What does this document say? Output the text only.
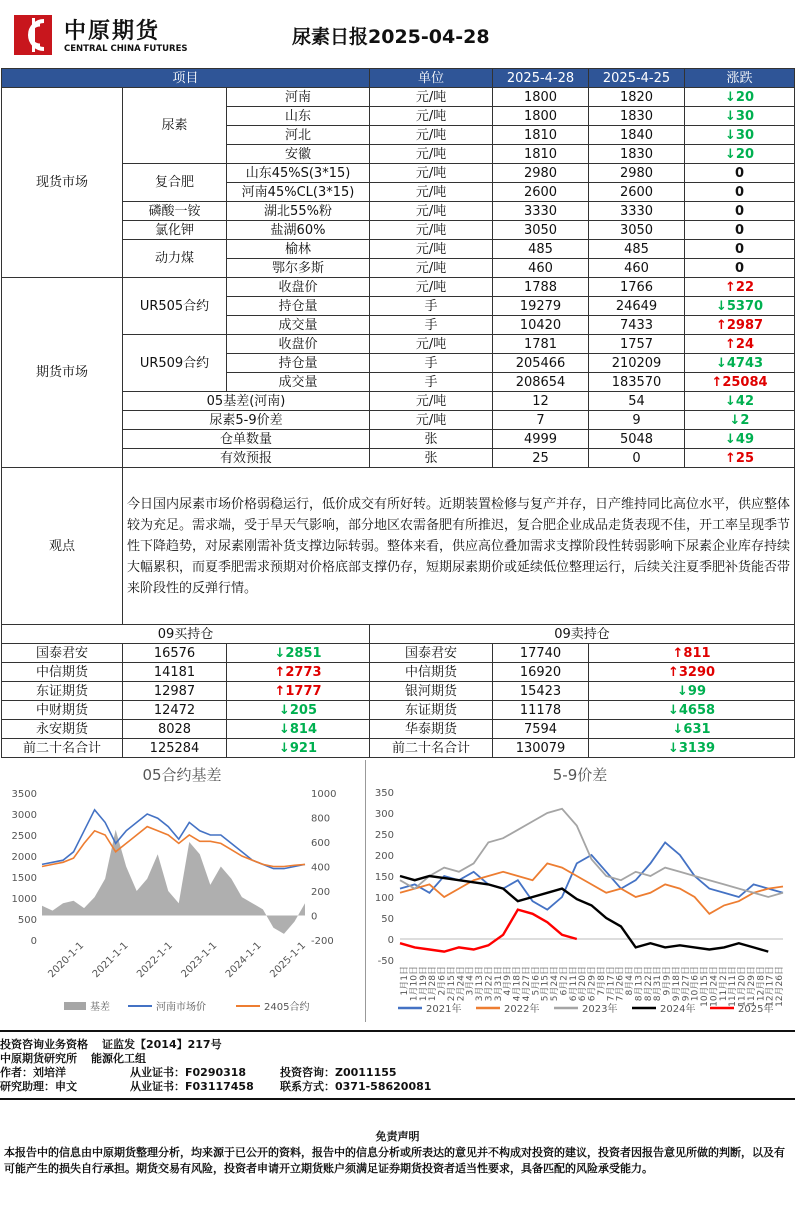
中原期货
CENTRAL CHINA FUTURES
尿素日报2025-04-28
项目			单位	2025-4-28	2025-4-25	涨跌
现货市场	尿素	河南	元/吨	1800	1820	↓20
		山东	元/吨	1800	1830	↓30
		河北	元/吨	1810	1840	↓30
		安徽	元/吨	1810	1830	↓20
	复合肥	山东45%S(3*15)	元/吨	2980	2980	0
		河南45%CL(3*15)	元/吨	2600	2600	0
	磷酸一铵	湖北55%粉	元/吨	3330	3330	0
	氯化钾	盐湖60%	元/吨	3050	3050	0
	动力煤	榆林	元/吨	485	485	0
		鄂尔多斯	元/吨	460	460	0
期货市场	UR505合约	收盘价	元/吨	1788	1766	↑22
		持仓量	手	19279	24649	↓5370
		成交量	手	10420	7433	↑2987
	UR509合约	收盘价	元/吨	1781	1757	↑24
		持仓量	手	205466	210209	↓4743
		成交量	手	208654	183570	↑25084
	05基差(河南)		元/吨	12	54	↓42
	尿素5-9价差		元/吨	7	9	↓2
	仓单数量		张	4999	5048	↓49
	有效预报		张	25	0	↑25
观点	今日国内尿素市场价格弱稳运行，低价成交有所好转。近期装置检修与复产并存，日产维持同比高位水平，供应整体较为充足。需求端，受于旱天气影响，部分地区农需备肥有所推迟，复合肥企业成品走货表现不佳，开工率呈现季节性下降趋势，对尿素刚需补货支撑边际转弱。整体来看，供应高位叠加需求支撑阶段性转弱影响下尿素企业库存持续大幅累积，而夏季肥需求预期对价格底部支撑仍存，短期尿素期价或延续低位整理运行，后续关注夏季肥补货能否带来阶段性的反弹行情。					
09买持仓			09卖持仓		
国泰君安	16576	↓2851	国泰君安	17740	↑811
中信期货	14181	↑2773	中信期货	16920	↑3290
东证期货	12987	↑1777	银河期货	15423	↓99
中财期货	12472	↓205	东证期货	11178	↓4658
永安期货	8028	↓814	华泰期货	7594	↓631
前二十名合计	125284	↓921	前二十名合计	130079	↓3139
05合约基差
3500
3000
2500
2000
1500
1000
500
0
1000
800
600
400
200
0
-200
2020-1-1 2021-1-1 2022-1-1 2023-1-1 2024-1-1 2025-1-1
基差	河南市场价	2405合约
5-9价差
350
300
250
200
150
100
50
0
-50
1月1日 1月10日 1月19日 1月28日 2月6日 2月15日 2月24日 3月4日 3月13日 3月22日 3月31日 4月9日 4月18日 4月27日 5月6日 5月15日 5月24日 6月2日 6月11日 6月20日 6月29日 7月8日 7月17日 7月26日 8月4日 8月13日 8月22日 8月31日 9月9日 9月18日 9月27日 10月6日 10月15日 10月24日 11月2日 11月11日 11月20日 11月29日 12月8日 12月17日 12月26日
2021年	2022年	2023年	2024年	2025年
投资咨询业务资格 证监发【2014】217号
中原期货研究所 能源化工组
作者：刘培洋	从业证书：F0290318	投资咨询：Z0011155
研究助理：申文	从业证书：F03117458 联系方式：0371-58620081
免责声明

本报告中的信息由中原期货整理分析，均来源于已公开的资料，报告中的信息分析或所表达的意见并不构成对投资的建议，投资者因报告意见所做的判断，以及有可能产生的损失自行承担。期货交易有风险，投资者申请开立期货账户须满足证券期货投资者适当性要求，具备匹配的风险承受能力。
